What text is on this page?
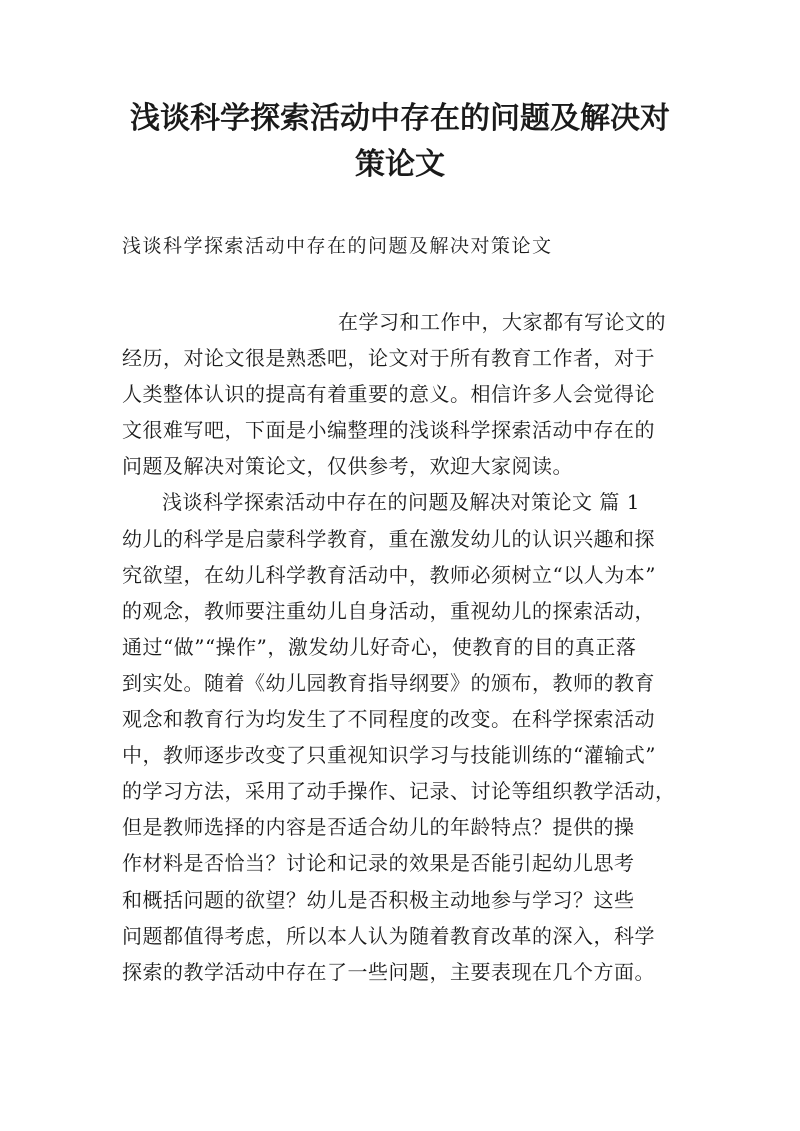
浅谈科学探索活动中存在的问题及解决对
策论文

浅谈科学探索活动中存在的问题及解决对策论文

在学习和工作中，大家都有写论文的
经历，对论文很是熟悉吧，论文对于所有教育工作者，对于
人类整体认识的提高有着重要的意义。相信许多人会觉得论
文很难写吧，下面是小编整理的浅谈科学探索活动中存在的
问题及解决对策论文，仅供参考，欢迎大家阅读。
浅谈科学探索活动中存在的问题及解决对策论文 篇 1
幼儿的科学是启蒙科学教育，重在激发幼儿的认识兴趣和探
究欲望，在幼儿科学教育活动中，教师必须树立“以人为本”
的观念，教师要注重幼儿自身活动，重视幼儿的探索活动，
通过“做”“操作”，激发幼儿好奇心，使教育的目的真正落
到实处。随着《幼儿园教育指导纲要》的颁布，教师的教育
观念和教育行为均发生了不同程度的改变。在科学探索活动
中，教师逐步改变了只重视知识学习与技能训练的“灌输式”
的学习方法，采用了动手操作、记录、讨论等组织教学活动，
但是教师选择的内容是否适合幼儿的年龄特点？提供的操
作材料是否恰当？讨论和记录的效果是否能引起幼儿思考
和概括问题的欲望？幼儿是否积极主动地参与学习？这些
问题都值得考虑，所以本人认为随着教育改革的深入，科学
探索的教学活动中存在了一些问题，主要表现在几个方面。
